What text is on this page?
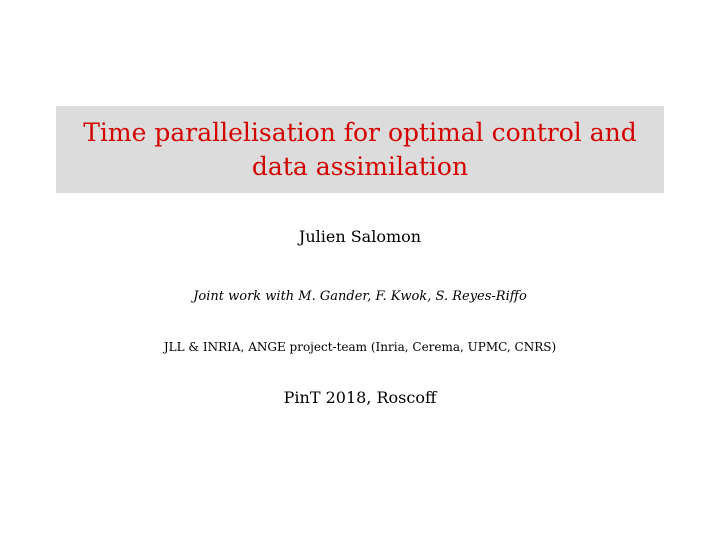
Time parallelisation for optimal control and
data assimilation
Julien Salomon
Joint work with M. Gander, F. Kwok, S. Reyes-Riffo
JLL & INRIA, ANGE project-team (Inria, Cerema, UPMC, CNRS)
PinT 2018, Roscoff
